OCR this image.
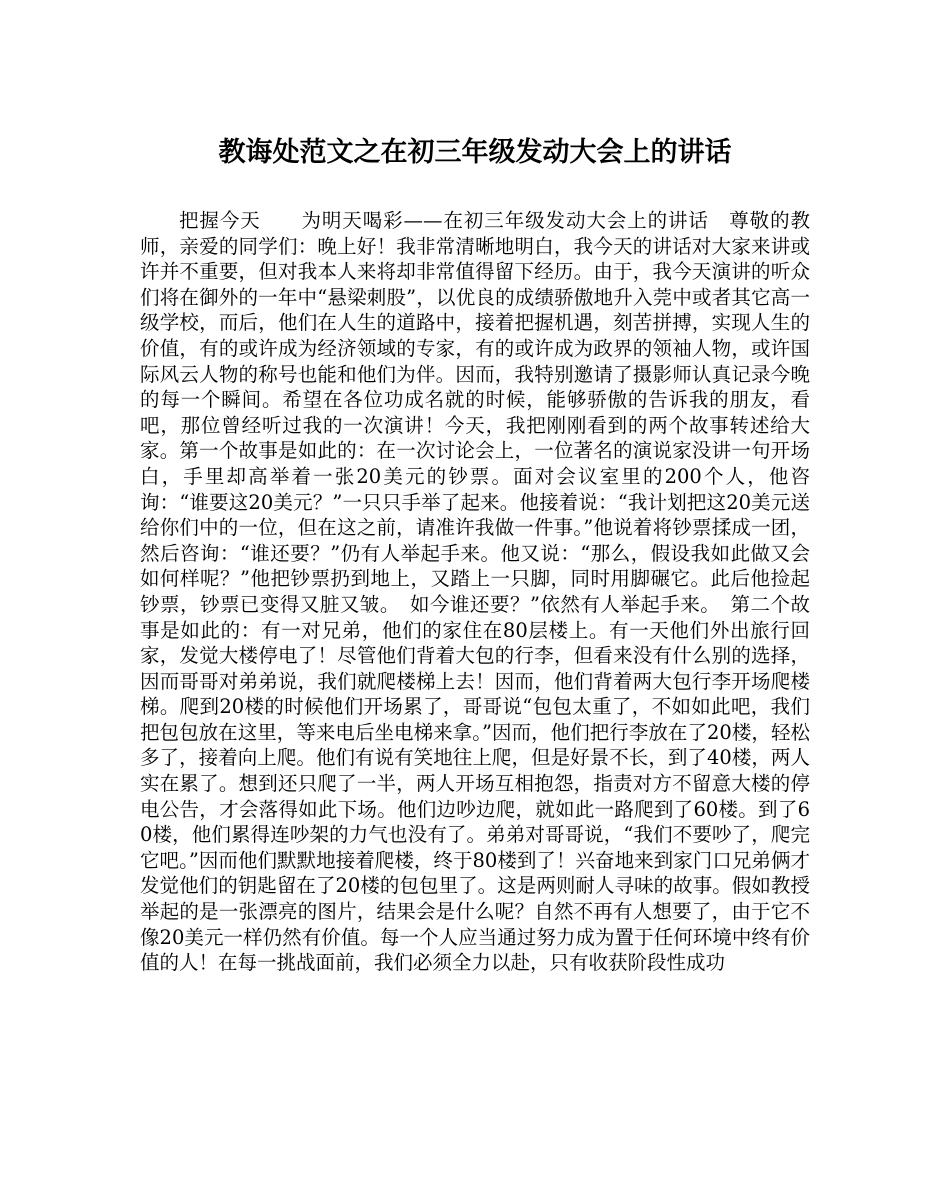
教诲处范文之在初三年级发动大会上的讲话

把握今天　　为明天喝彩——在初三年级发动大会上的讲话　尊敬的教师，亲爱的同学们：晚上好！我非常清晰地明白，我今天的讲话对大家来讲或许并不重要，但对我本人来将却非常值得留下经历。由于，我今天演讲的听众们将在御外的一年中“悬梁刺股”，以优良的成绩骄傲地升入莞中或者其它高一级学校，而后，他们在人生的道路中，接着把握机遇，刻苦拼搏，实现人生的价值，有的或许成为经济领域的专家，有的或许成为政界的领袖人物，或许国际风云人物的称号也能和他们为伴。因而，我特别邀请了摄影师认真记录今晚的每一个瞬间。希望在各位功成名就的时候，能够骄傲的告诉我的朋友，看吧，那位曾经听过我的一次演讲！今天，我把刚刚看到的两个故事转述给大家。第一个故事是如此的：在一次讨论会上，一位著名的演说家没讲一句开场白，手里却高举着一张20美元的钞票。面对会议室里的200个人，他咨询：“谁要这20美元？”一只只手举了起来。他接着说：“我计划把这20美元送给你们中的一位，但在这之前，请准许我做一件事。”他说着将钞票揉成一团，然后咨询：“谁还要？”仍有人举起手来。他又说：“那么，假设我如此做又会如何样呢？”他把钞票扔到地上，又踏上一只脚，同时用脚碾它。此后他捡起钞票，钞票已变得又脏又皱。　如今谁还要？”依然有人举起手来。　第二个故事是如此的：有一对兄弟，他们的家住在80层楼上。有一天他们外出旅行回家，发觉大楼停电了！尽管他们背着大包的行李，但看来没有什么别的选择，因而哥哥对弟弟说，我们就爬楼梯上去！因而，他们背着两大包行李开场爬楼梯。爬到20楼的时候他们开场累了，哥哥说“包包太重了，不如如此吧，我们把包包放在这里，等来电后坐电梯来拿。”因而，他们把行李放在了20楼，轻松多了，接着向上爬。他们有说有笑地往上爬，但是好景不长，到了40楼，两人实在累了。想到还只爬了一半，两人开场互相抱怨，指责对方不留意大楼的停电公告，才会落得如此下场。他们边吵边爬，就如此一路爬到了60楼。到了60楼，他们累得连吵架的力气也没有了。弟弟对哥哥说，“我们不要吵了，爬完它吧。”因而他们默默地接着爬楼，终于80楼到了！兴奋地来到家门口兄弟俩才发觉他们的钥匙留在了20楼的包包里了。这是两则耐人寻味的故事。假如教授举起的是一张漂亮的图片，结果会是什么呢？自然不再有人想要了，由于它不像20美元一样仍然有价值。每一个人应当通过努力成为置于任何环境中终有价值的人！在每一挑战面前，我们必须全力以赴，只有收获阶段性成功
